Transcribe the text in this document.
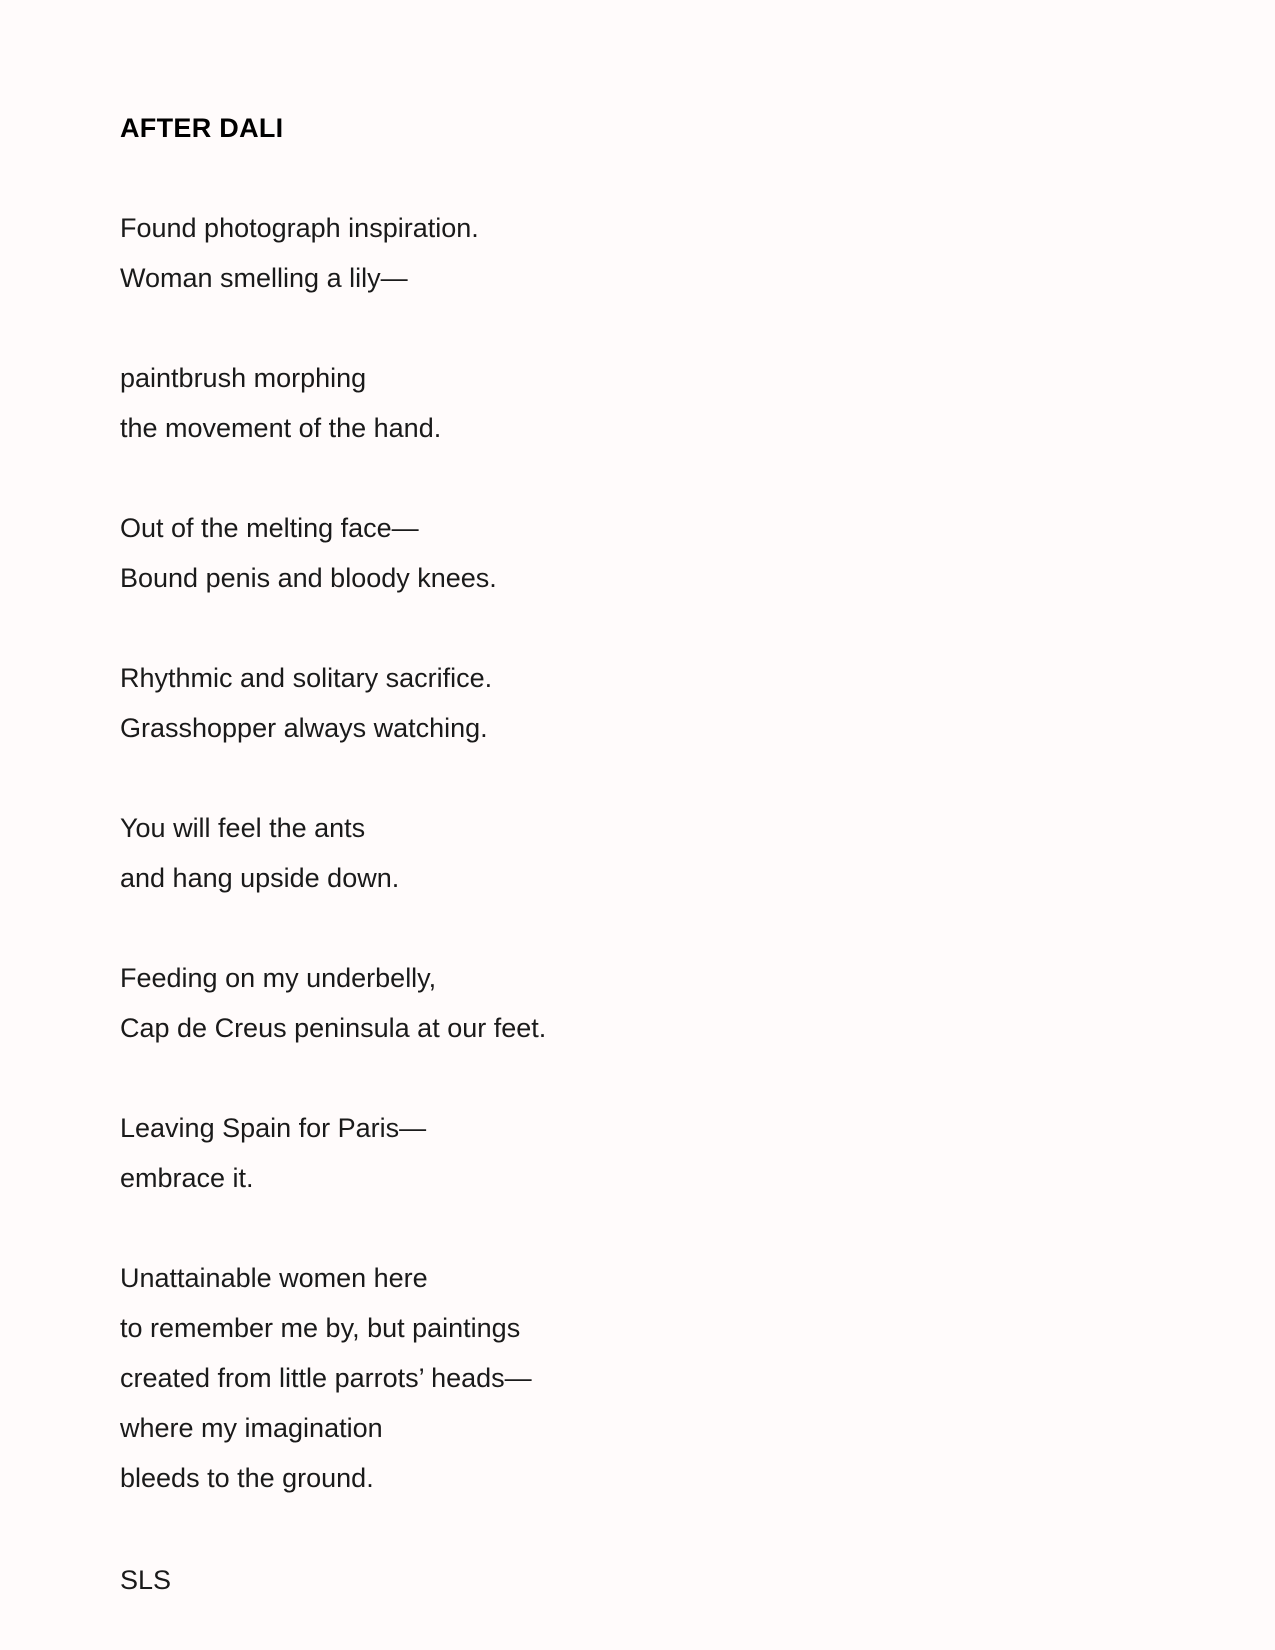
AFTER DALI
Found photograph inspiration.
Woman smelling a lily—
paintbrush morphing
the movement of the hand.
Out of the melting face—
Bound penis and bloody knees.
Rhythmic and solitary sacrifice.
Grasshopper always watching.
You will feel the ants
and hang upside down.
Feeding on my underbelly,
Cap de Creus peninsula at our feet.
Leaving Spain for Paris—
embrace it.
Unattainable women here
to remember me by, but paintings
created from little parrots’ heads—
where my imagination
bleeds to the ground.
SLS
